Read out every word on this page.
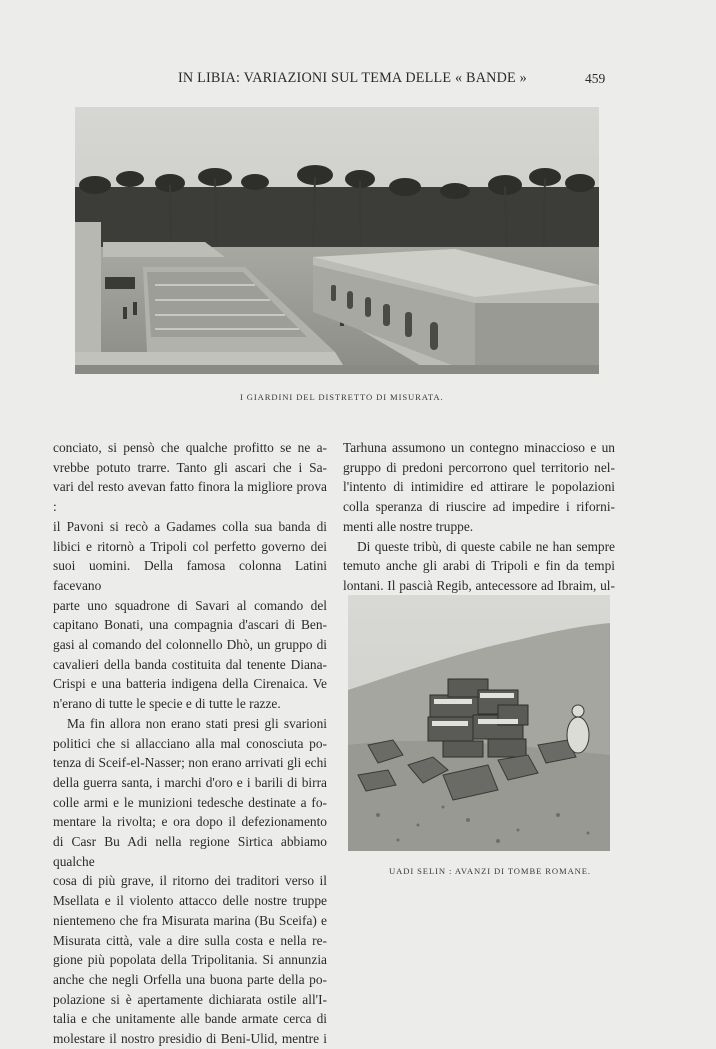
IN LIBIA: VARIAZIONI SUL TEMA DELLE « BANDE »	459
I GIARDINI DEL DISTRETTO DI MISURATA.

conciato, si pensò che qualche profitto se ne a-

vrebbe potuto trarre. Tanto gli ascari che i Sa-

vari del resto avevan fatto finora la migliore prova :

il Pavoni si recò a Gadames colla sua banda di

libici e ritornò a Tripoli col perfetto governo dei

suoi uomini. Della famosa colonna Latini facevano

parte uno squadrone di Savari al comando del

capitano Bonati, una compagnia d'ascari di Ben-

gasi al comando del colonnello Dhò, un gruppo di

cavalieri della banda costituita dal tenente Diana-

Crispi e una batteria indigena della Cirenaica. Ve

n'erano di tutte le specie e di tutte le razze.

Ma fin allora non erano stati presi gli svarioni

politici che si allacciano alla mal conosciuta po-

tenza di Sceif-el-Nasser; non erano arrivati gli echi

della guerra santa, i marchi d'oro e i barili di birra

colle armi e le munizioni tedesche destinate a fo-

mentare la rivolta; e ora dopo il defezionamento

di Casr Bu Adi nella regione Sirtica abbiamo qualche

cosa di più grave, il ritorno dei traditori verso il

Msellata e il violento attacco delle nostre truppe

nientemeno che fra Misurata marina (Bu Sceifa) e

Misurata città, vale a dire sulla costa e nella re-

gione più popolata della Tripolitania. Si annunzia

anche che negli Orfella una buona parte della po-

polazione si è apertamente dichiarata ostile all'I-

talia e che unitamente alle bande armate cerca di

molestare il nostro presidio di Beni-Ulid, mentre i

Tarhuna assumono un contegno minaccioso e un

gruppo di predoni percorrono quel territorio nel-

l'intento di intimidire ed attirare le popolazioni

colla speranza di riuscire ad impedire i riforni-

menti alle nostre truppe.

Di queste tribù, di queste cabile ne han sempre

temuto anche gli arabi di Tripoli e fin da tempi

lontani. Il pascià Regib, antecessore ad Ibraim, ul-

UADI SELIN : AVANZI DI TOMBE ROMANE.
